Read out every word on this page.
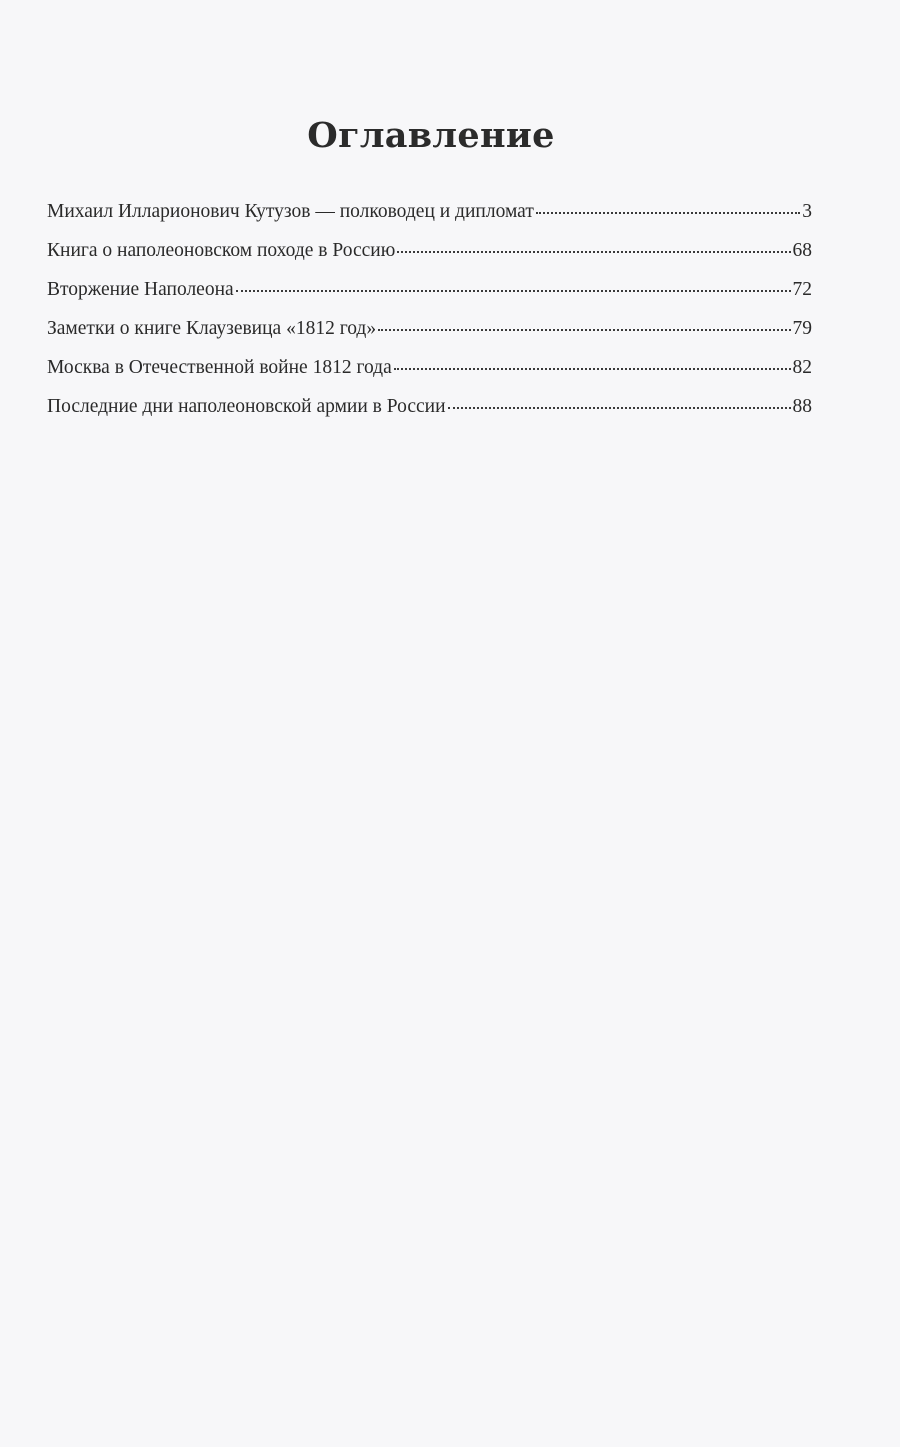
Оглавление
Михаил Илларионович Кутузов — полководец и дипломат	3
Книга о наполеоновском походе в Россию	68
Вторжение Наполеона	72
Заметки о книге Клаузевица «1812 год»	79
Москва в Отечественной войне 1812 года	82
Последние дни наполеоновской армии в России	88
